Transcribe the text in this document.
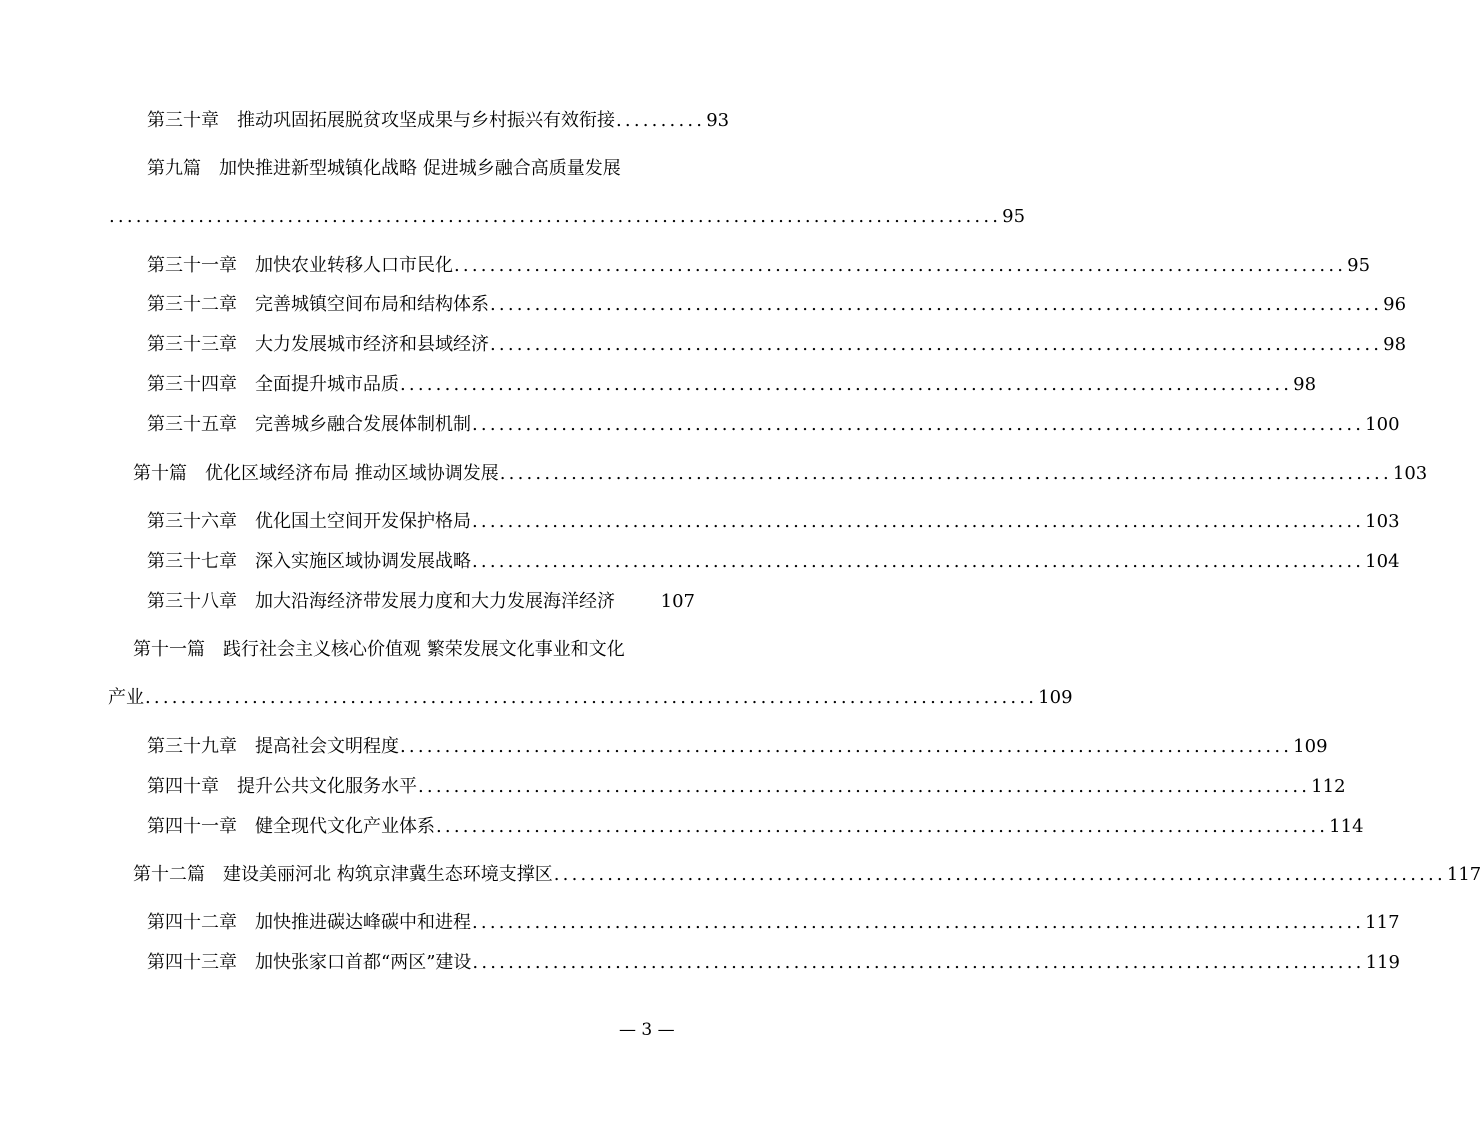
第三十章 推动巩固拓展脱贫攻坚成果与乡村振兴有效衔接 .......... 93
第九篇 加快推进新型城镇化战略 促进城乡融合高质量发展
.................................................................................................... 95
第三十一章 加快农业转移人口市民化 .................................................................................................... 95
第三十二章 完善城镇空间布局和结构体系 .................................................................................................... 96
第三十三章 大力发展城市经济和县域经济 .................................................................................................... 98
第三十四章 全面提升城市品质 .................................................................................................... 98
第三十五章 完善城乡融合发展体制机制 .................................................................................................... 100
第十篇 优化区域经济布局 推动区域协调发展 .................................................................................................... 103
第三十六章 优化国土空间开发保护格局 .................................................................................................... 103
第三十七章 深入实施区域协调发展战略 .................................................................................................... 104
第三十八章 加大沿海经济带发展力度和大力发展海洋经济	107
第十一篇 践行社会主义核心价值观 繁荣发展文化事业和文化
产业 .................................................................................................... 109
第三十九章 提高社会文明程度 .................................................................................................... 109
第四十章 提升公共文化服务水平 .................................................................................................... 112
第四十一章 健全现代文化产业体系 .................................................................................................... 114
第十二篇 建设美丽河北 构筑京津冀生态环境支撑区 .................................................................................................... 117
第四十二章 加快推进碳达峰碳中和进程 .................................................................................................... 117
第四十三章 加快张家口首都“两区”建设 .................................................................................................... 119
— 3 —
